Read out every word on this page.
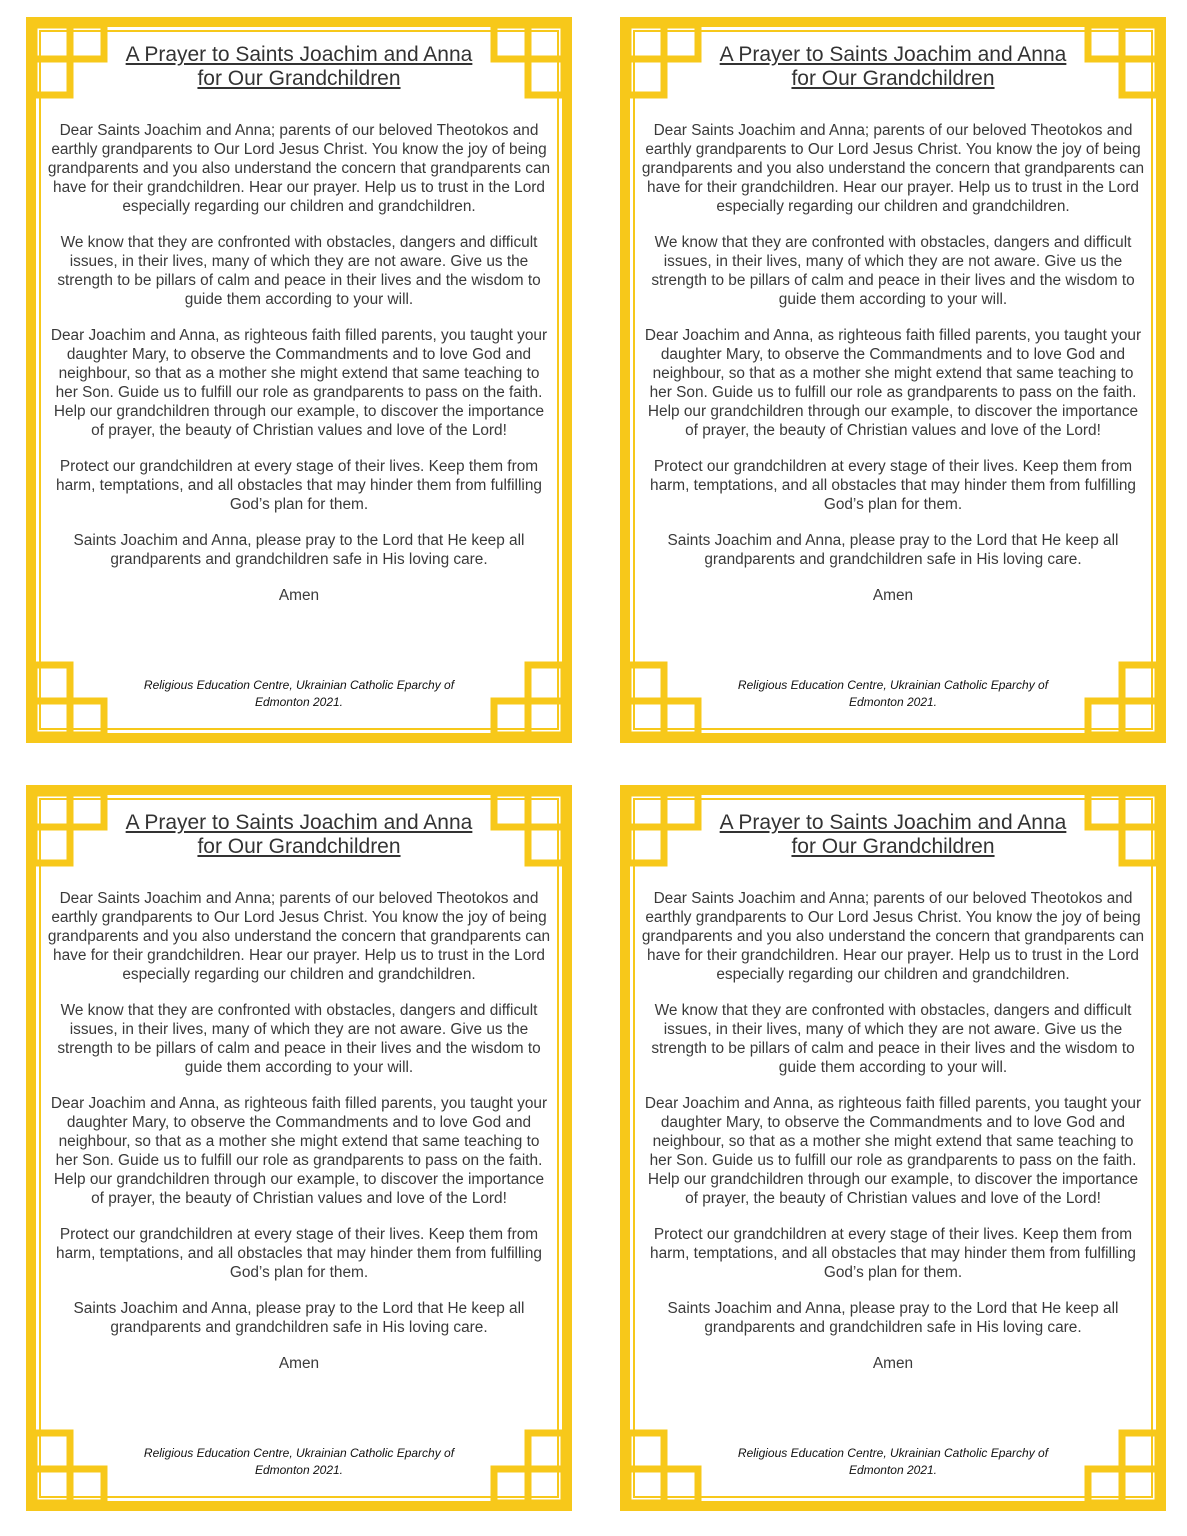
A Prayer to Saints Joachim and Anna
for Our Grandchildren

Dear Saints Joachim and Anna; parents of our beloved Theotokos and earthly grandparents to Our Lord Jesus Christ. You know the joy of being grandparents and you also understand the concern that grandparents can have for their grandchildren. Hear our prayer. Help us to trust in the Lord especially regarding our children and grandchildren.

We know that they are confronted with obstacles, dangers and difficult issues, in their lives, many of which they are not aware. Give us the strength to be pillars of calm and peace in their lives and the wisdom to guide them according to your will.

Dear Joachim and Anna, as righteous faith filled parents, you taught your daughter Mary, to observe the Commandments and to love God and neighbour, so that as a mother she might extend that same teaching to her Son. Guide us to fulfill our role as grandparents to pass on the faith. Help our grandchildren through our example, to discover the importance of prayer, the beauty of Christian values and love of the Lord!

Protect our grandchildren at every stage of their lives. Keep them from harm, temptations, and all obstacles that may hinder them from fulfilling God’s plan for them.

Saints Joachim and Anna, please pray to the Lord that He keep all grandparents and grandchildren safe in His loving care.

Amen

Religious Education Centre, Ukrainian Catholic Eparchy of
Edmonton 2021.
A Prayer to Saints Joachim and Anna
for Our Grandchildren

Dear Saints Joachim and Anna; parents of our beloved Theotokos and earthly grandparents to Our Lord Jesus Christ. You know the joy of being grandparents and you also understand the concern that grandparents can have for their grandchildren. Hear our prayer. Help us to trust in the Lord especially regarding our children and grandchildren.

We know that they are confronted with obstacles, dangers and difficult issues, in their lives, many of which they are not aware. Give us the strength to be pillars of calm and peace in their lives and the wisdom to guide them according to your will.

Dear Joachim and Anna, as righteous faith filled parents, you taught your daughter Mary, to observe the Commandments and to love God and neighbour, so that as a mother she might extend that same teaching to her Son. Guide us to fulfill our role as grandparents to pass on the faith. Help our grandchildren through our example, to discover the importance of prayer, the beauty of Christian values and love of the Lord!

Protect our grandchildren at every stage of their lives. Keep them from harm, temptations, and all obstacles that may hinder them from fulfilling God’s plan for them.

Saints Joachim and Anna, please pray to the Lord that He keep all grandparents and grandchildren safe in His loving care.

Amen

Religious Education Centre, Ukrainian Catholic Eparchy of
Edmonton 2021.
A Prayer to Saints Joachim and Anna
for Our Grandchildren

Dear Saints Joachim and Anna; parents of our beloved Theotokos and earthly grandparents to Our Lord Jesus Christ. You know the joy of being grandparents and you also understand the concern that grandparents can have for their grandchildren. Hear our prayer. Help us to trust in the Lord especially regarding our children and grandchildren.

We know that they are confronted with obstacles, dangers and difficult issues, in their lives, many of which they are not aware. Give us the strength to be pillars of calm and peace in their lives and the wisdom to guide them according to your will.

Dear Joachim and Anna, as righteous faith filled parents, you taught your daughter Mary, to observe the Commandments and to love God and neighbour, so that as a mother she might extend that same teaching to her Son. Guide us to fulfill our role as grandparents to pass on the faith. Help our grandchildren through our example, to discover the importance of prayer, the beauty of Christian values and love of the Lord!

Protect our grandchildren at every stage of their lives. Keep them from harm, temptations, and all obstacles that may hinder them from fulfilling God’s plan for them.

Saints Joachim and Anna, please pray to the Lord that He keep all grandparents and grandchildren safe in His loving care.

Amen

Religious Education Centre, Ukrainian Catholic Eparchy of
Edmonton 2021.
A Prayer to Saints Joachim and Anna
for Our Grandchildren

Dear Saints Joachim and Anna; parents of our beloved Theotokos and earthly grandparents to Our Lord Jesus Christ. You know the joy of being grandparents and you also understand the concern that grandparents can have for their grandchildren. Hear our prayer. Help us to trust in the Lord especially regarding our children and grandchildren.

We know that they are confronted with obstacles, dangers and difficult issues, in their lives, many of which they are not aware. Give us the strength to be pillars of calm and peace in their lives and the wisdom to guide them according to your will.

Dear Joachim and Anna, as righteous faith filled parents, you taught your daughter Mary, to observe the Commandments and to love God and neighbour, so that as a mother she might extend that same teaching to her Son. Guide us to fulfill our role as grandparents to pass on the faith. Help our grandchildren through our example, to discover the importance of prayer, the beauty of Christian values and love of the Lord!

Protect our grandchildren at every stage of their lives. Keep them from harm, temptations, and all obstacles that may hinder them from fulfilling God’s plan for them.

Saints Joachim and Anna, please pray to the Lord that He keep all grandparents and grandchildren safe in His loving care.

Amen

Religious Education Centre, Ukrainian Catholic Eparchy of
Edmonton 2021.
